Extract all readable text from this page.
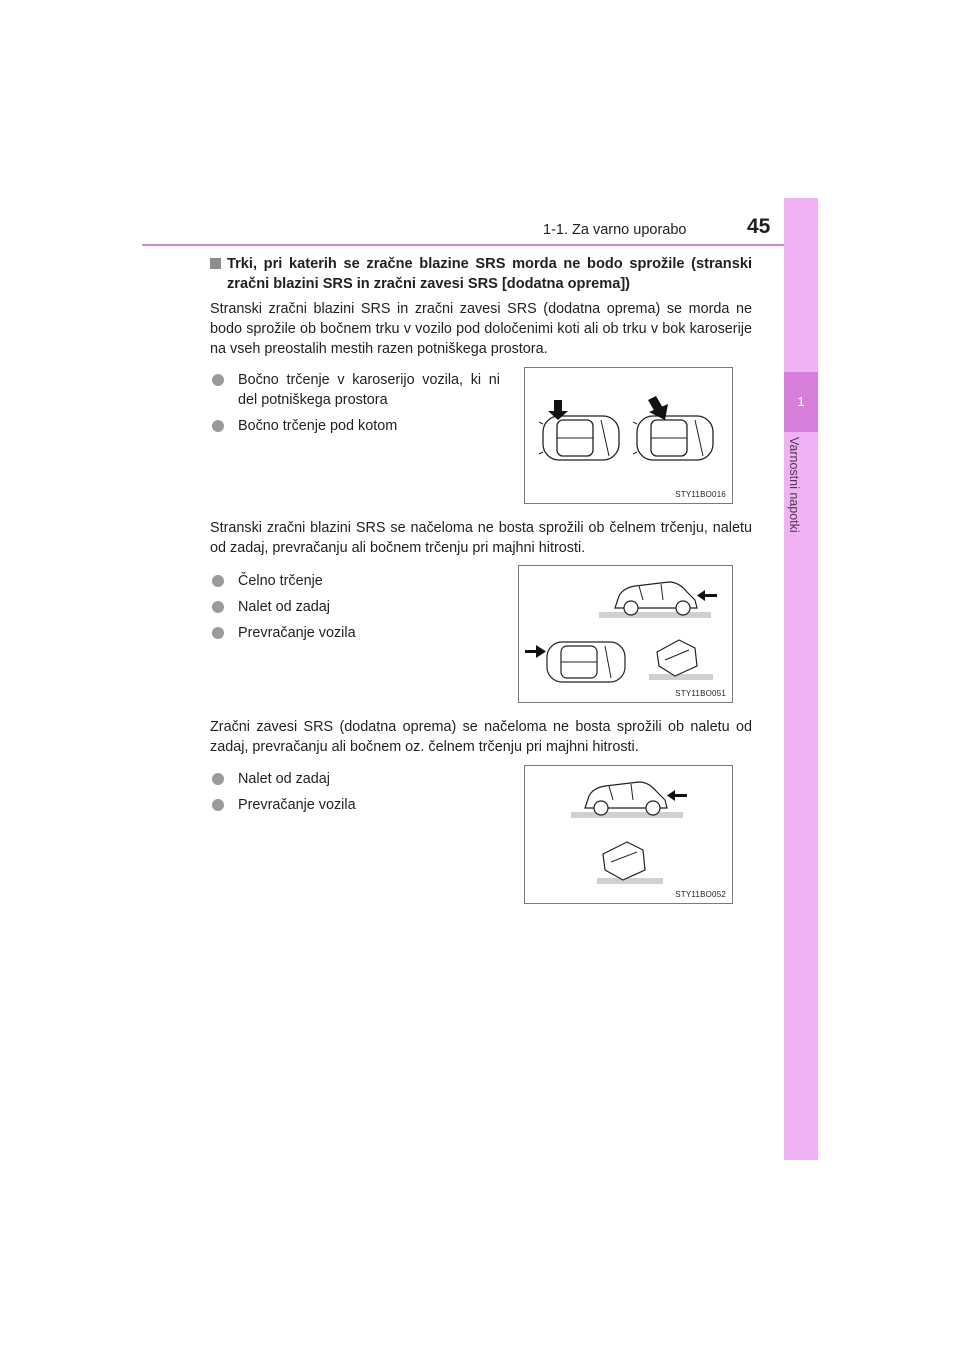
1-1. Za varno uporabo	45
1
Varnostni napotki
Trki, pri katerih se zračne blazine SRS morda ne bodo sprožile (stranski zračni blazini SRS in zračni zavesi SRS [dodatna oprema])

Stranski zračni blazini SRS in zračni zavesi SRS (dodatna oprema) se morda ne bodo sprožile ob bočnem trku v vozilo pod določenimi koti ali ob trku v bok karoserije na vseh preostalih mestih razen potniškega prostora.

Bočno trčenje v karoserijo vozila, ki ni del potniškega prostora
Bočno trčenje pod kotom
STY11BO016

Stranski zračni blazini SRS se načeloma ne bosta sprožili ob čelnem trčenju, naletu od zadaj, prevračanju ali bočnem trčenju pri majhni hitrosti.

Čelno trčenje
Nalet od zadaj
Prevračanje vozila
STY11BO051

Zračni zavesi SRS (dodatna oprema) se načeloma ne bosta sprožili ob naletu od zadaj, prevračanju ali bočnem oz. čelnem trčenju pri majhni hitrosti.

Nalet od zadaj
Prevračanje vozila
STY11BO052
